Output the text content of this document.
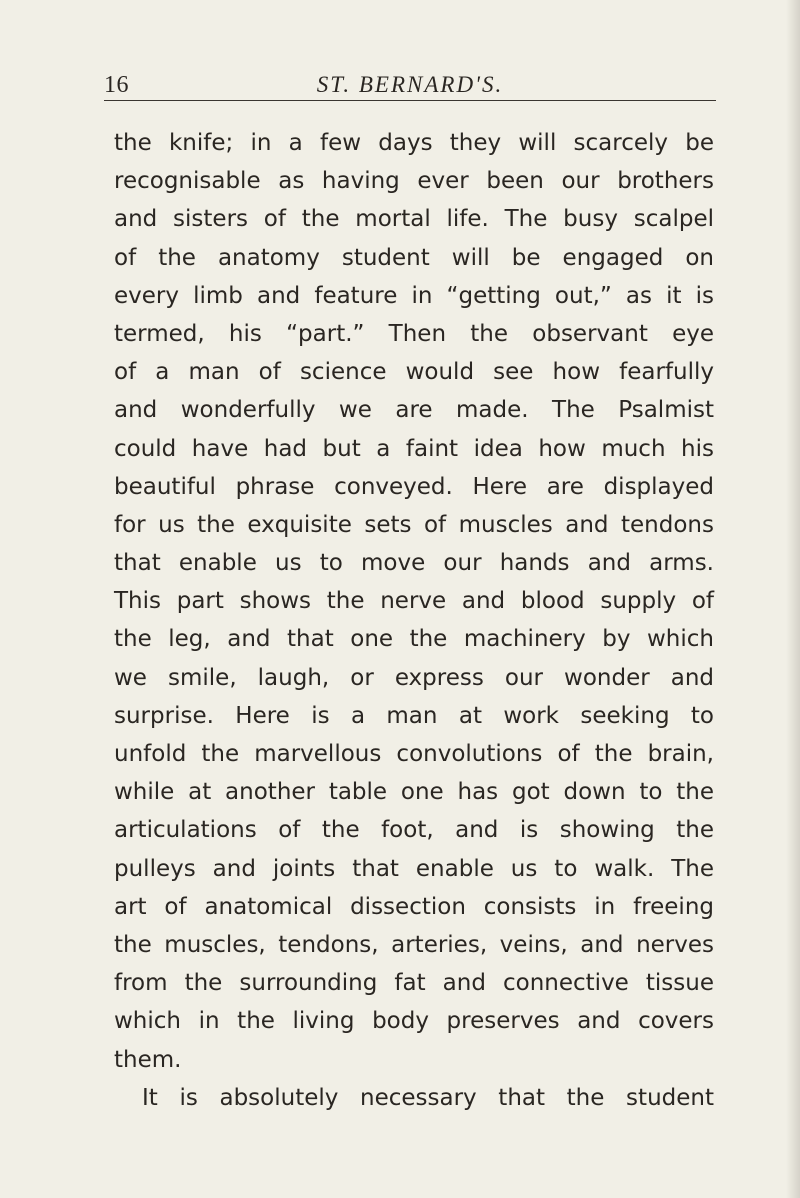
16	ST. BERNARD'S.
the knife; in a few days they will scarcely be
recognisable as having ever been our brothers
and sisters of the mortal life. The busy scalpel
of the anatomy student will be engaged on
every limb and feature in “getting out,” as it is
termed, his “part.” Then the observant eye
of a man of science would see how fearfully
and wonderfully we are made. The Psalmist
could have had but a faint idea how much his
beautiful phrase conveyed. Here are displayed
for us the exquisite sets of muscles and tendons
that enable us to move our hands and arms.
This part shows the nerve and blood supply of
the leg, and that one the machinery by which
we smile, laugh, or express our wonder and
surprise. Here is a man at work seeking to
unfold the marvellous convolutions of the brain,
while at another table one has got down to the
articulations of the foot, and is showing the
pulleys and joints that enable us to walk. The
art of anatomical dissection consists in freeing
the muscles, tendons, arteries, veins, and nerves
from the surrounding fat and connective tissue
which in the living body preserves and covers
them.
It is absolutely necessary that the student
